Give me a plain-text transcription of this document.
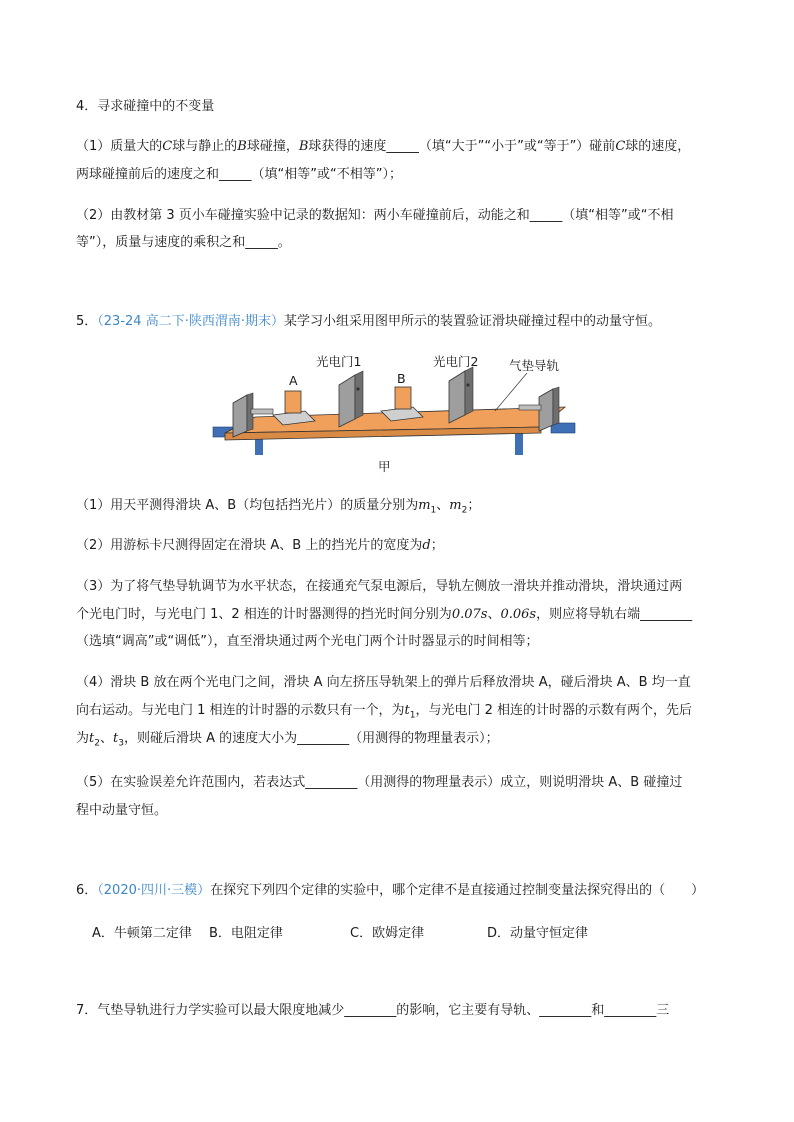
4．寻求碰撞中的不变量
（1）质量大的C球与静止的B球碰撞，B球获得的速度_____（填“大于”“小于”或“等于”）碰前C球的速度，
两球碰撞前后的速度之和_____（填“相等”或“不相等”）；
（2）由教材第 3 页小车碰撞实验中记录的数据知：两小车碰撞前后，动能之和_____（填“相等”或“不相
等”），质量与速度的乘积之和_____。
5．（23-24 高二下·陕西渭南·期末）某学习小组采用图甲所示的装置验证滑块碰撞过程中的动量守恒。
光电门1	光电门2 气垫导轨
A	B
甲
（1）用天平测得滑块 A、B（均包括挡光片）的质量分别为$m_1$、$m_2$；
（2）用游标卡尺测得固定在滑块 A、B 上的挡光片的宽度为d；
（3）为了将气垫导轨调节为水平状态，在接通充气泵电源后，导轨左侧放一滑块并推动滑块，滑块通过两
个光电门时，与光电门 1、2 相连的计时器测得的挡光时间分别为0.07s、0.06s，则应将导轨右端________
（选填“调高”或“调低”），直至滑块通过两个光电门两个计时器显示的时间相等；
（4）滑块 B 放在两个光电门之间，滑块 A 向左挤压导轨架上的弹片后释放滑块 A，碰后滑块 A、B 均一直
向右运动。与光电门 1 相连的计时器的示数只有一个，为$t_1$，与光电门 2 相连的计时器的示数有两个，先后
为$t_2$、$t_3$，则碰后滑块 A 的速度大小为________（用测得的物理量表示）；
（5）在实验误差允许范围内，若表达式________（用测得的物理量表示）成立，则说明滑块 A、B 碰撞过
程中动量守恒。
6．（2020·四川·三模）在探究下列四个定律的实验中，哪个定律不是直接通过控制变量法探究得出的（　　）
A．牛顿第二定律 B．电阻定律	C．欧姆定律	D．动量守恒定律
7．气垫导轨进行力学实验可以最大限度地减少________的影响，它主要有导轨、________和________三
